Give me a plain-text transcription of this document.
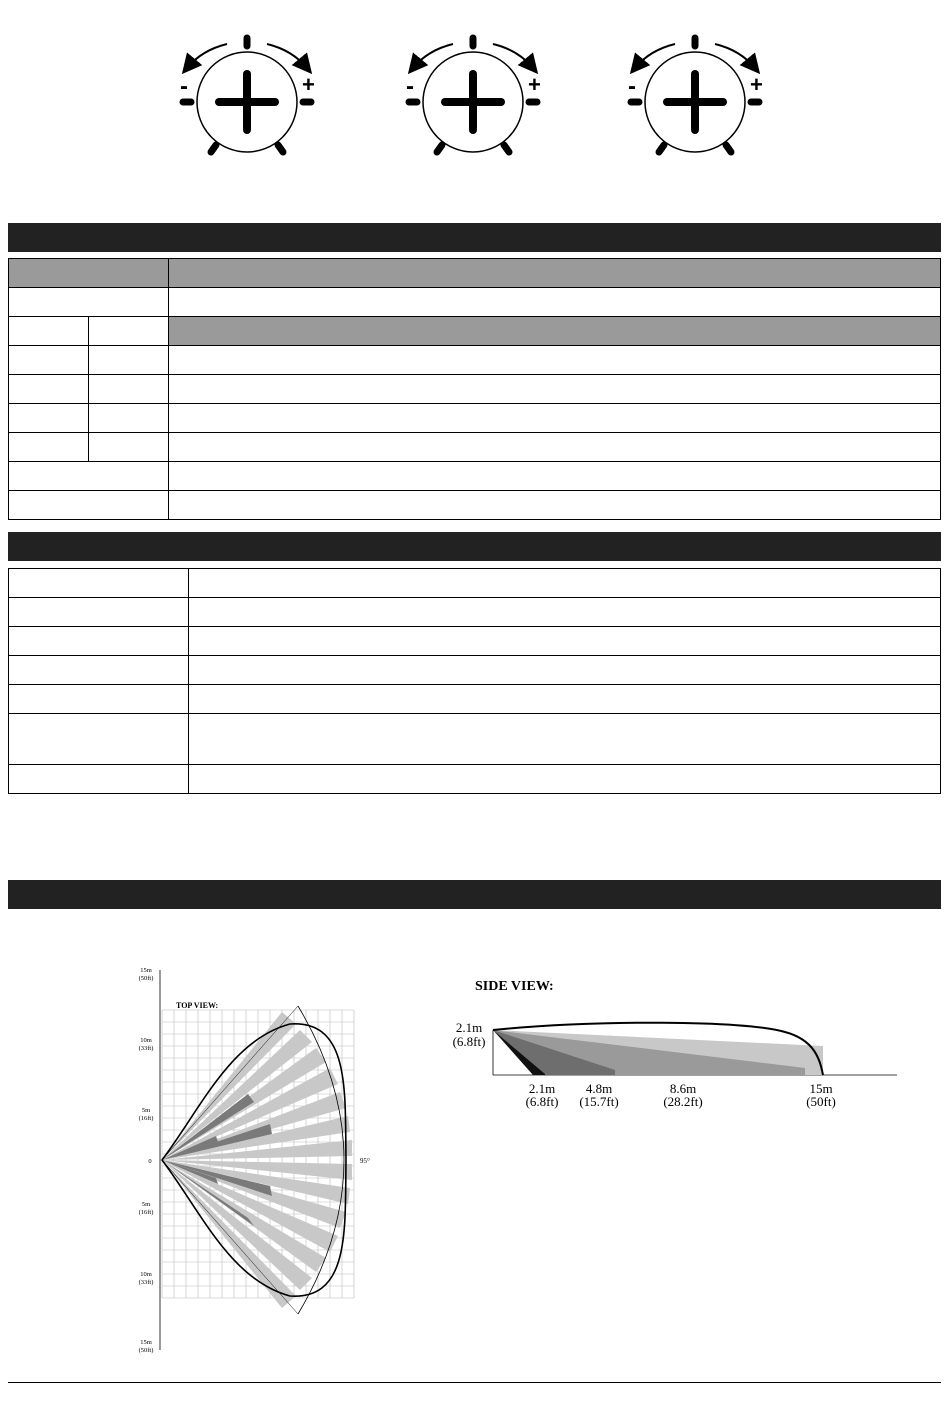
-	+	-	+	-	+

95°
TOP VIEW:
15m
(50ft)
10m
(33ft)
5m
(16ft)
0
5m
(16ft)
10m
(33ft)
15m
(50ft)
SIDE VIEW:
2.1m
(6.8ft)
2.1m
(6.8ft)
4.8m
(15.7ft)
8.6m
(28.2ft)
15m
(50ft)
